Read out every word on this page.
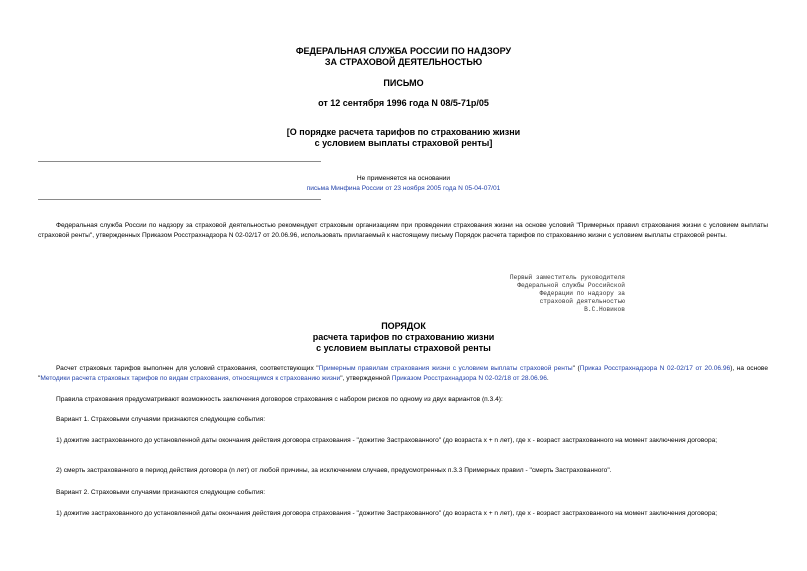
ФЕДЕРАЛЬНАЯ СЛУЖБА РОССИИ ПО НАДЗОРУ
ЗА СТРАХОВОЙ ДЕЯТЕЛЬНОСТЬЮ
ПИСЬМО
от 12 сентября 1996 года N 08/5-71р/05
[О порядке расчета тарифов по страхованию жизни
с условием выплаты страховой ренты]
Не применяется на основании
письма Минфина России от 23 ноября 2005 года N 05-04-07/01
Федеральная служба России по надзору за страховой деятельностью рекомендует страховым организациям при проведении страхования жизни на основе условий "Примерных правил страхования жизни с условием выплаты страховой ренты", утвержденных Приказом Росстрахнадзора N 02-02/17 от 20.06.96, использовать прилагаемый к настоящему письму Порядок расчета тарифов по страхованию жизни с условием выплаты страховой ренты.
Первый заместитель руководителя
Федеральной службы Российской
Федерации по надзору за
страховой деятельностью
В.С.Новиков
ПОРЯДОК
расчета тарифов по страхованию жизни
с условием выплаты страховой ренты
Расчет страховых тарифов выполнен для условий страхования, соответствующих "Примерным правилам страхования жизни с условием выплаты страховой ренты" (Приказ Росстрахнадзора N 02-02/17 от 20.06.96), на основе "Методики расчета страховых тарифов по видам страхования, относящимся к страхованию жизни", утвержденной Приказом Росстрахнадзора N 02-02/18 от 28.06.96.
Правила страхования предусматривают возможность заключения договоров страхования с набором рисков по одному из двух вариантов (п.3.4):
Вариант 1. Страховыми случаями признаются следующие события:
1) дожитие застрахованного до установленной даты окончания действия договора страхования - "дожитие Застрахованного" (до возраста x + n лет), где x - возраст застрахованного на момент заключения договора;
2) смерть застрахованного в период действия договора (n лет) от любой причины, за исключением случаев, предусмотренных п.3.3 Примерных правил - "смерть Застрахованного".
Вариант 2. Страховыми случаями признаются следующие события:
1) дожитие застрахованного до установленной даты окончания действия договора страхования - "дожитие Застрахованного" (до возраста x + n лет), где x - возраст застрахованного на момент заключения договора;
